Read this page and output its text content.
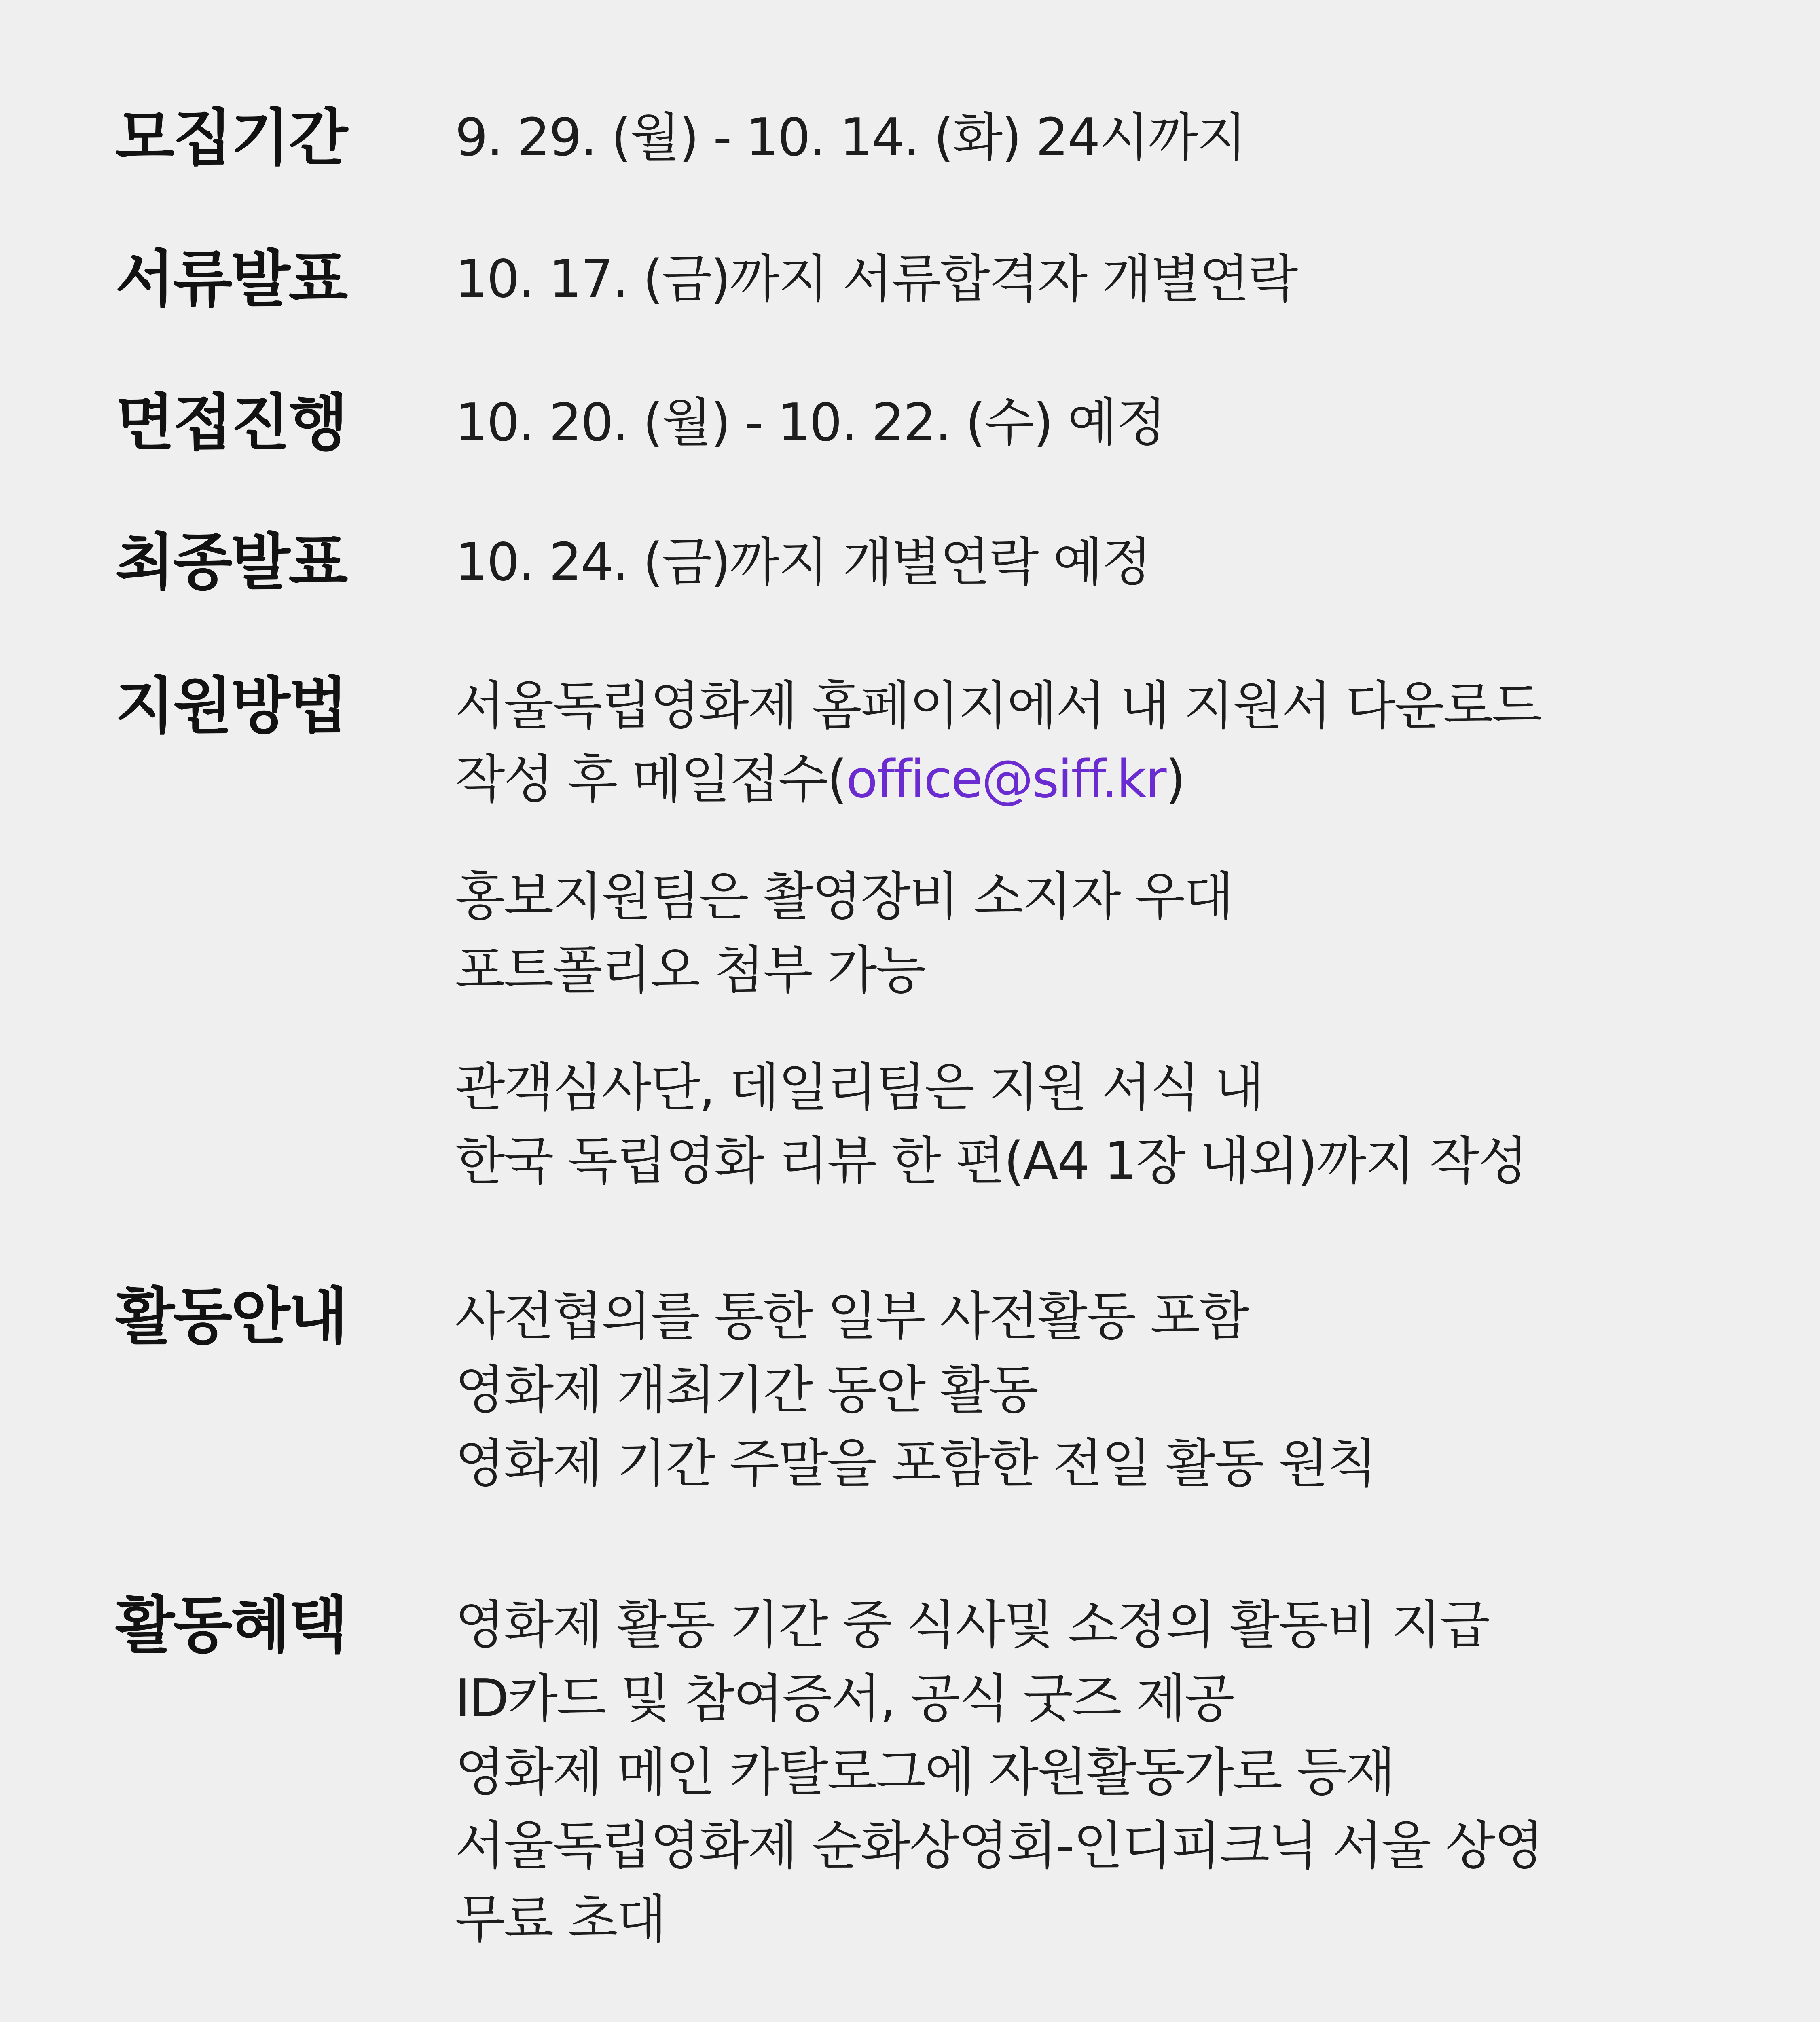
모집기간 9. 29. (월) - 10. 14. (화) 24시까지
서류발표 10. 17. (금)까지 서류합격자 개별연락
면접진행 10. 20. (월) - 10. 22. (수) 예정
최종발표 10. 24. (금)까지 개별연락 예정
지원방법 서울독립영화제 홈페이지에서 내 지원서 다운로드
작성 후 메일접수(office@siff.kr)
홍보지원팀은 촬영장비 소지자 우대
포트폴리오 첨부 가능
관객심사단, 데일리팀은 지원 서식 내
한국 독립영화 리뷰 한 편(A4 1장 내외)까지 작성
활동안내 사전협의를 통한 일부 사전활동 포함
영화제 개최기간 동안 활동
영화제 기간 주말을 포함한 전일 활동 원칙
활동혜택 영화제 활동 기간 중 식사및 소정의 활동비 지급
ID카드 및 참여증서, 공식 굿즈 제공
영화제 메인 카탈로그에 자원활동가로 등재
서울독립영화제 순화상영회-인디피크닉 서울 상영
무료 초대
